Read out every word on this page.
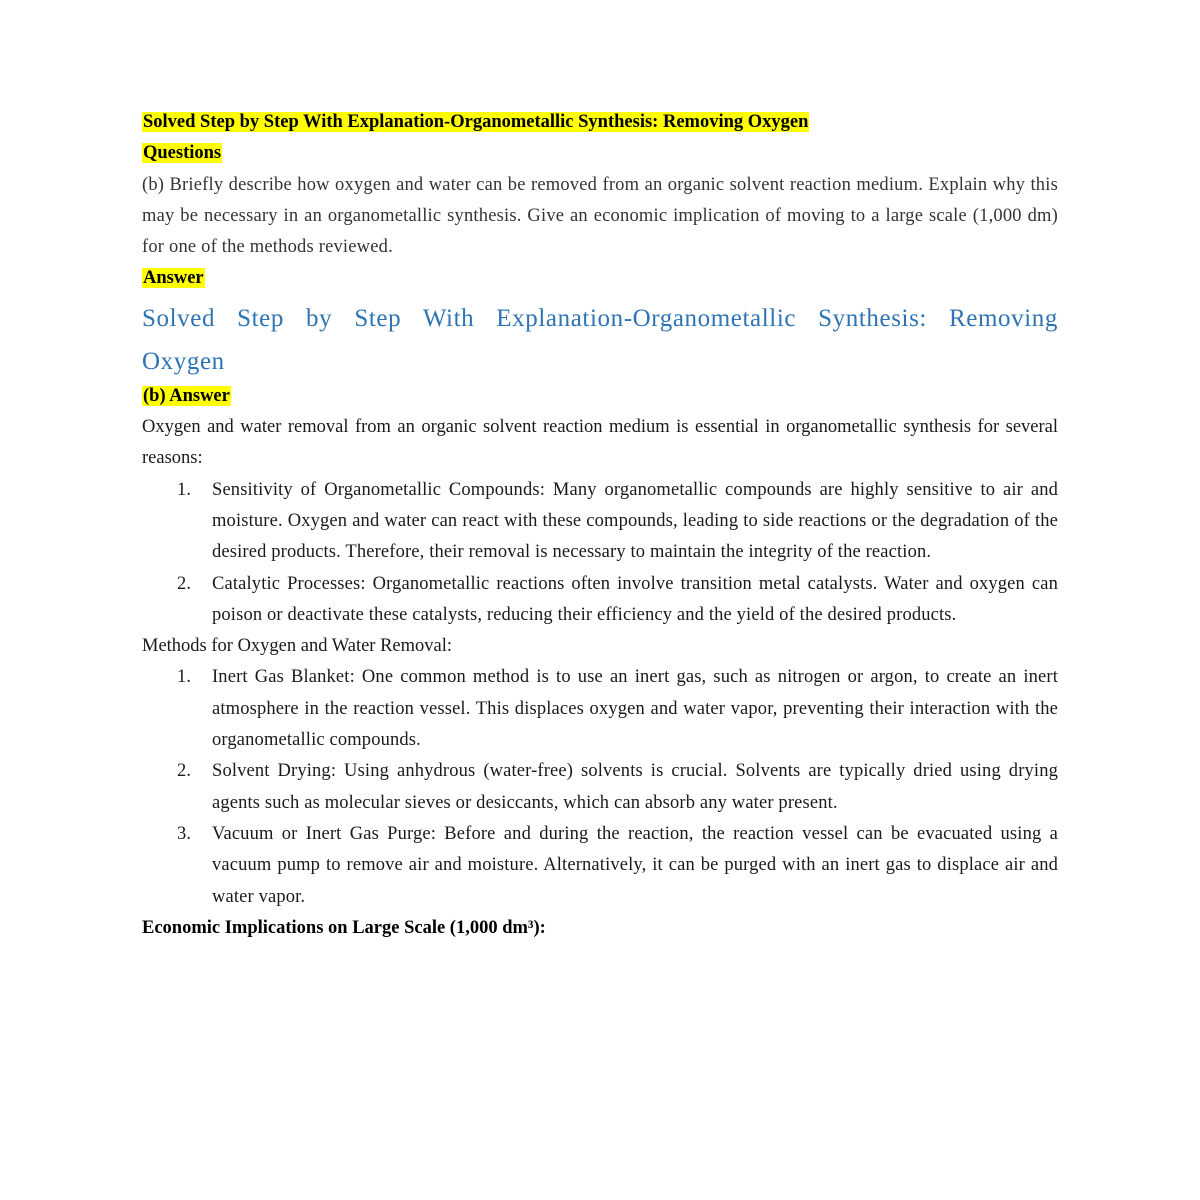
Solved Step by Step With Explanation-Organometallic Synthesis: Removing Oxygen
Questions
(b) Briefly describe how oxygen and water can be removed from an organic solvent reaction medium. Explain why this may be necessary in an organometallic synthesis. Give an economic implication of moving to a large scale (1,000 dm) for one of the methods reviewed.
Answer
Solved Step by Step With Explanation-Organometallic Synthesis: Removing Oxygen
(b) Answer
Oxygen and water removal from an organic solvent reaction medium is essential in organometallic synthesis for several reasons:
1. Sensitivity of Organometallic Compounds: Many organometallic compounds are highly sensitive to air and moisture. Oxygen and water can react with these compounds, leading to side reactions or the degradation of the desired products. Therefore, their removal is necessary to maintain the integrity of the reaction.
2. Catalytic Processes: Organometallic reactions often involve transition metal catalysts. Water and oxygen can poison or deactivate these catalysts, reducing their efficiency and the yield of the desired products.
Methods for Oxygen and Water Removal:
1. Inert Gas Blanket: One common method is to use an inert gas, such as nitrogen or argon, to create an inert atmosphere in the reaction vessel. This displaces oxygen and water vapor, preventing their interaction with the organometallic compounds.
2. Solvent Drying: Using anhydrous (water-free) solvents is crucial. Solvents are typically dried using drying agents such as molecular sieves or desiccants, which can absorb any water present.
3. Vacuum or Inert Gas Purge: Before and during the reaction, the reaction vessel can be evacuated using a vacuum pump to remove air and moisture. Alternatively, it can be purged with an inert gas to displace air and water vapor.
Economic Implications on Large Scale (1,000 dm³):
